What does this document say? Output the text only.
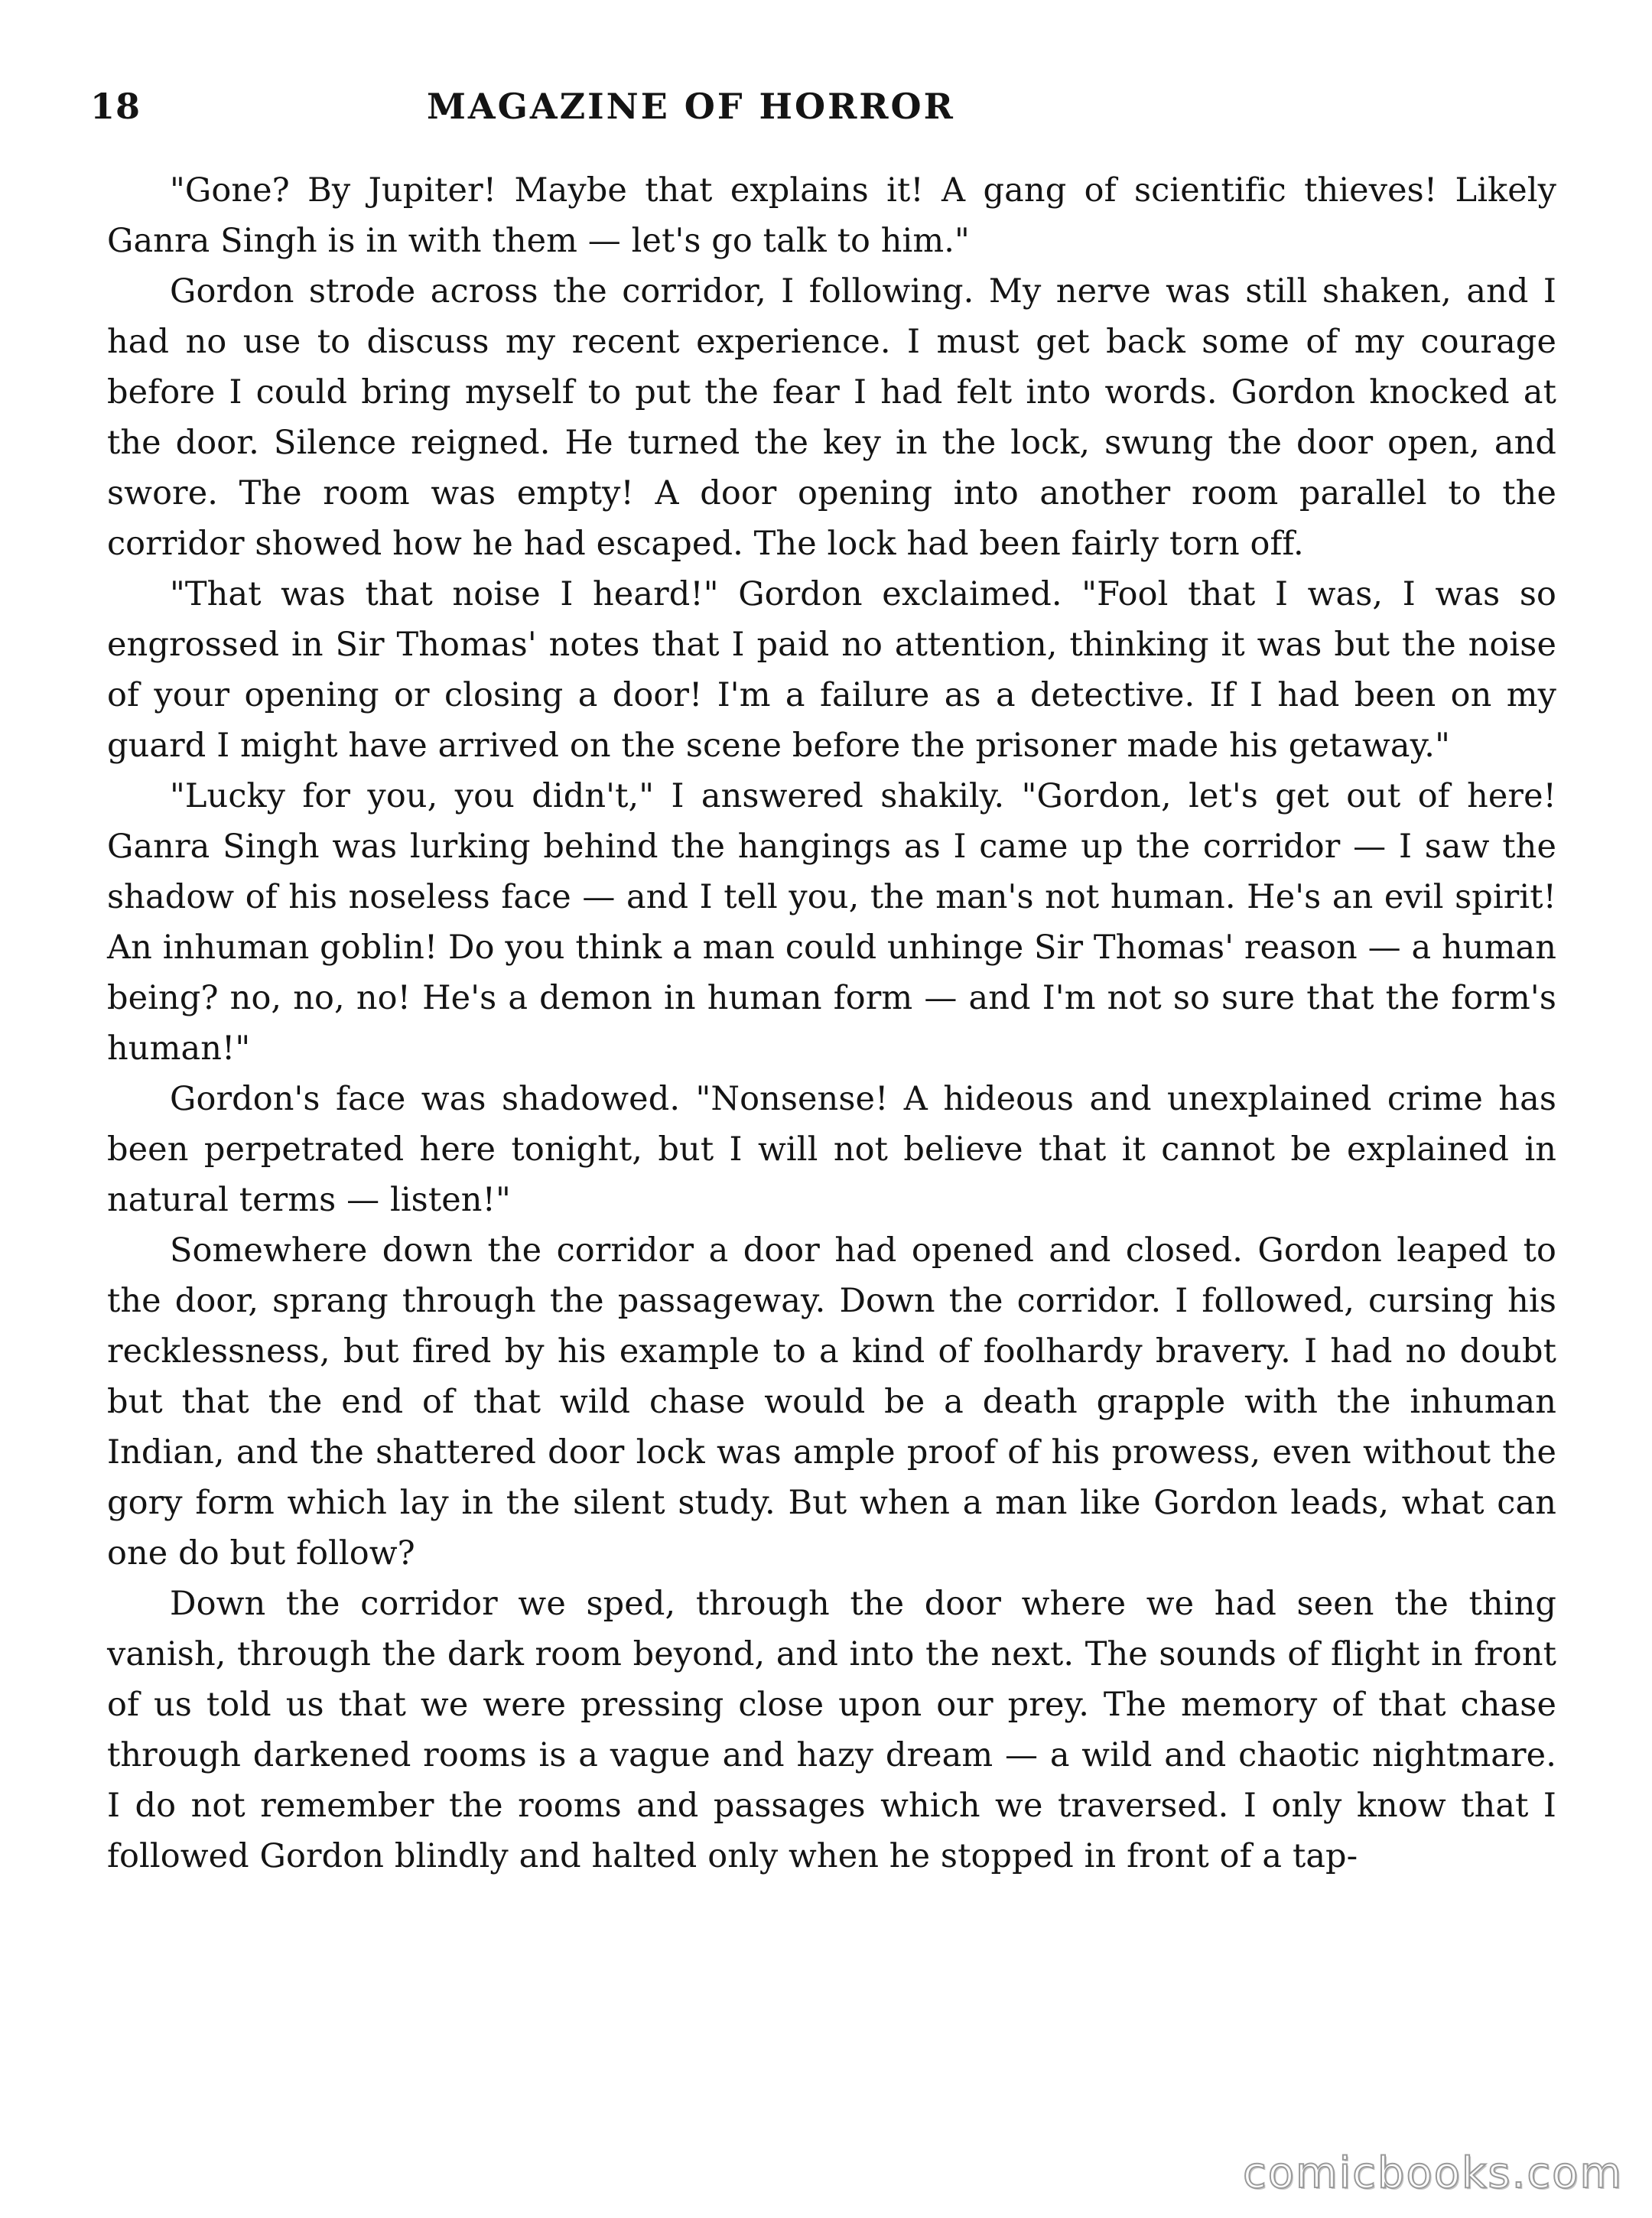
18	MAGAZINE OF HORROR

"Gone? By Jupiter! Maybe that explains it! A gang of scientific thieves! Likely Ganra Singh is in with them — let's go talk to him."

Gordon strode across the corridor, I following. My nerve was still shaken, and I had no use to discuss my recent experience. I must get back some of my courage before I could bring myself to put the fear I had felt into words. Gordon knocked at the door. Silence reigned. He turned the key in the lock, swung the door open, and swore. The room was empty! A door opening into another room parallel to the corridor showed how he had escaped. The lock had been fairly torn off.

"That was that noise I heard!" Gordon exclaimed. "Fool that I was, I was so engrossed in Sir Thomas' notes that I paid no attention, thinking it was but the noise of your opening or closing a door! I'm a failure as a detective. If I had been on my guard I might have arrived on the scene before the prisoner made his getaway."

"Lucky for you, you didn't," I answered shakily. "Gordon, let's get out of here! Ganra Singh was lurking behind the hangings as I came up the corridor — I saw the shadow of his noseless face — and I tell you, the man's not human. He's an evil spirit! An inhuman goblin! Do you think a man could unhinge Sir Thomas' reason — a human being? no, no, no! He's a demon in human form — and I'm not so sure that the form's human!"

Gordon's face was shadowed. "Nonsense! A hideous and unexplained crime has been perpetrated here tonight, but I will not believe that it cannot be explained in natural terms — listen!"

Somewhere down the corridor a door had opened and closed. Gordon leaped to the door, sprang through the passageway. Down the corridor. I followed, cursing his recklessness, but fired by his example to a kind of foolhardy bravery. I had no doubt but that the end of that wild chase would be a death grapple with the inhuman Indian, and the shattered door lock was ample proof of his prowess, even without the gory form which lay in the silent study. But when a man like Gordon leads, what can one do but follow?

Down the corridor we sped, through the door where we had seen the thing vanish, through the dark room beyond, and into the next. The sounds of flight in front of us told us that we were pressing close upon our prey. The memory of that chase through darkened rooms is a vague and hazy dream — a wild and chaotic nightmare. I do not remember the rooms and passages which we traversed. I only know that I followed Gordon blindly and halted only when he stopped in front of a tap-

comicbooks.com
